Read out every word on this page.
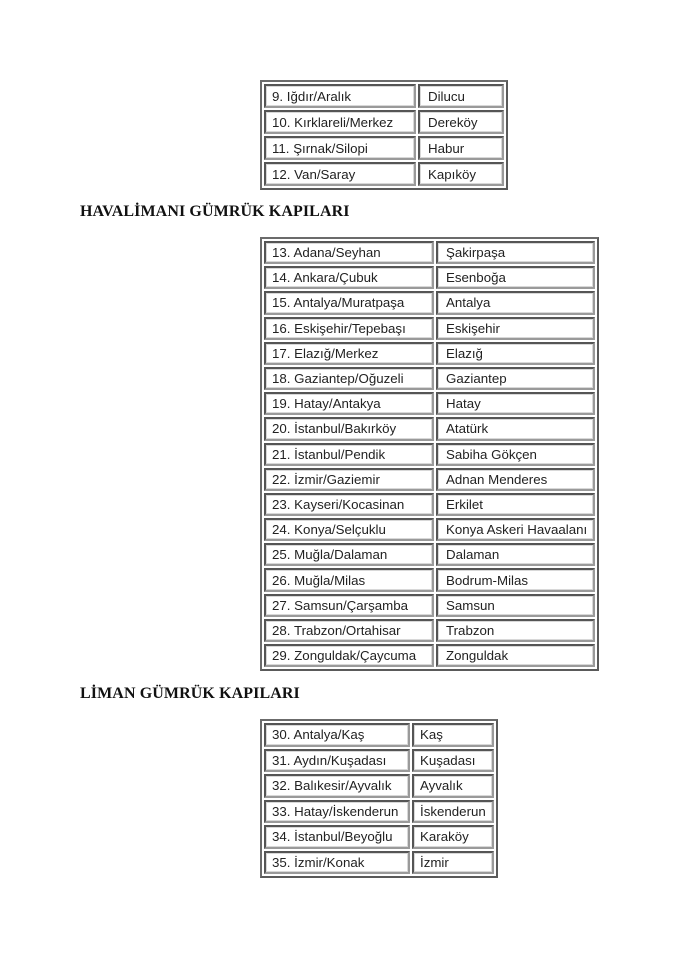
9. Iğdır/Aralık	Dilucu
10. Kırklareli/Merkez	Dereköy
11. Şırnak/Silopi	Habur
12. Van/Saray	Kapıköy
HAVALİMANI GÜMRÜK KAPILARI
13. Adana/Seyhan	Şakirpaşa
14. Ankara/Çubuk	Esenboğa
15. Antalya/Muratpaşa	Antalya
16. Eskişehir/Tepebaşı	Eskişehir
17. Elazığ/Merkez	Elazığ
18. Gaziantep/Oğuzeli	Gaziantep
19. Hatay/Antakya	Hatay
20. İstanbul/Bakırköy	Atatürk
21. İstanbul/Pendik	Sabiha Gökçen
22. İzmir/Gaziemir	Adnan Menderes
23. Kayseri/Kocasinan	Erkilet
24. Konya/Selçuklu	Konya Askeri Havaalanı
25. Muğla/Dalaman	Dalaman
26. Muğla/Milas	Bodrum-Milas
27. Samsun/Çarşamba	Samsun
28. Trabzon/Ortahisar	Trabzon
29. Zonguldak/Çaycuma	Zonguldak
LİMAN GÜMRÜK KAPILARI
30. Antalya/Kaş	Kaş
31. Aydın/Kuşadası	Kuşadası
32. Balıkesir/Ayvalık	Ayvalık
33. Hatay/İskenderun	İskenderun
34. İstanbul/Beyoğlu	Karaköy
35. İzmir/Konak	İzmir
